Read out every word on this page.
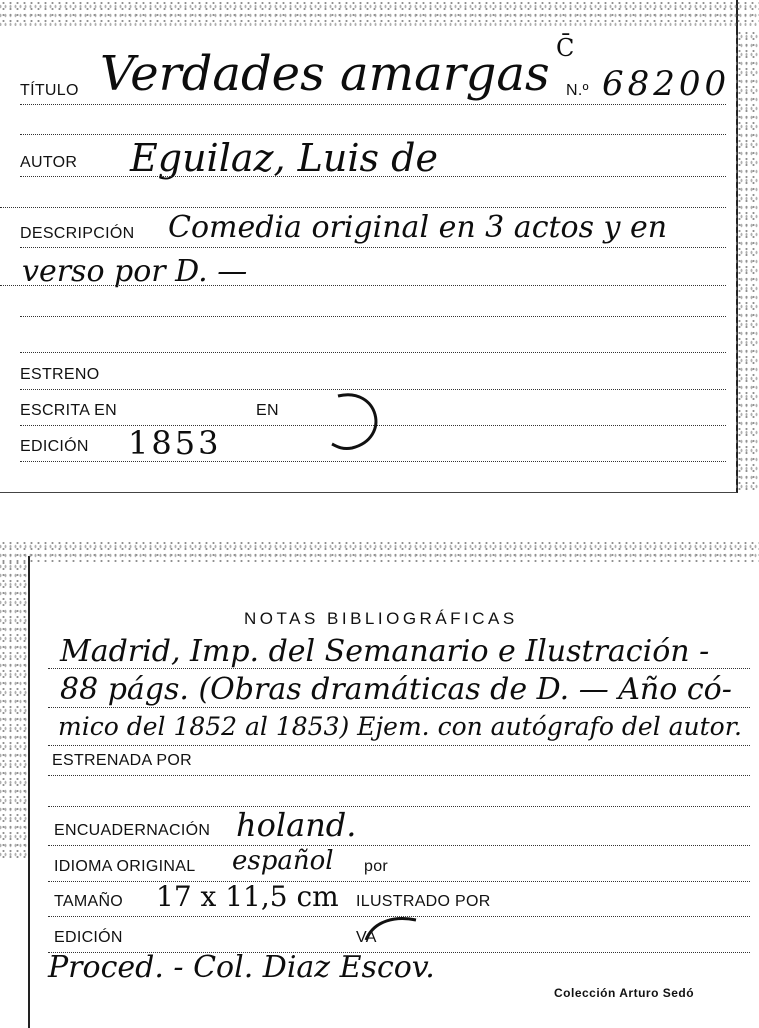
TÍTULO Verdades amargas C̄
N.º 68200
AUTOR Eguilaz, Luis de
DESCRIPCIÓN Comedia original en 3 actos y en
verso por D. —
ESTRENO
ESCRITA EN	EN
EDICIÓN 1853
NOTAS BIBLIOGRÁFICAS
Madrid, Imp. del Semanario e Ilustración -
88 págs. (Obras dramáticas de D. — Año có-
mico del 1852 al 1853) Ejem. con autógrafo del autor.
ESTRENADA POR
ENCUADERNACIÓN holand.
IDIOMA ORIGINAL español por
TAMAÑO 17 x 11,5 cm ILUSTRADO POR
EDICIÓN	VA
Proced. - Col. Diaz Escov.
Colección Arturo Sedó
